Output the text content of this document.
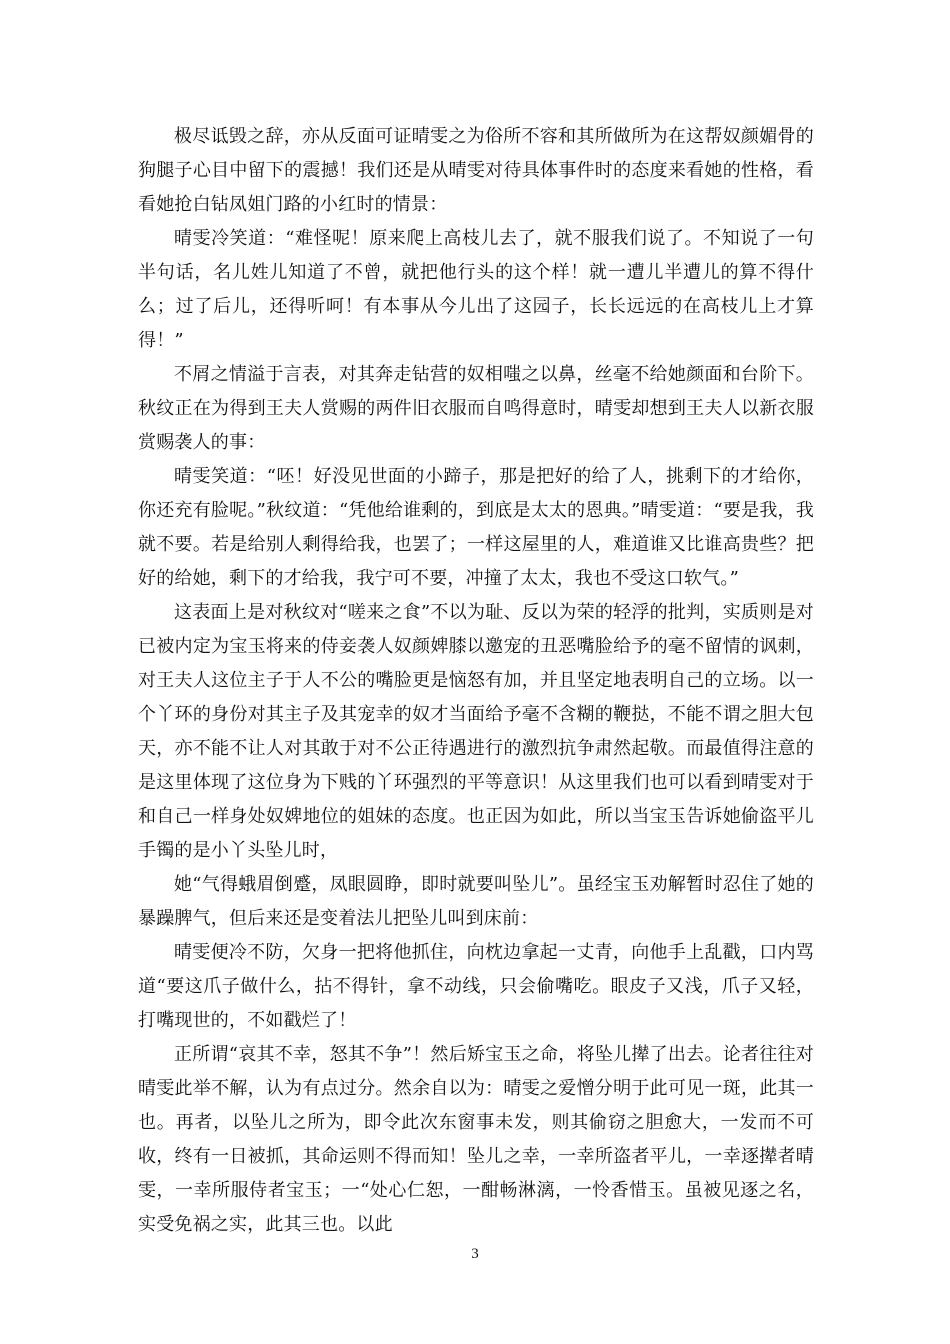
极尽诋毁之辞，亦从反面可证晴雯之为俗所不容和其所做所为在这帮奴颜媚骨的狗腿子心目中留下的震撼！我们还是从晴雯对待具体事件时的态度来看她的性格，看看她抢白钻凤姐门路的小红时的情景：

晴雯冷笑道：“难怪呢！原来爬上高枝儿去了，就不服我们说了。不知说了一句半句话，名儿姓儿知道了不曾，就把他行头的这个样！就一遭儿半遭儿的算不得什么；过了后儿，还得听呵！有本事从今儿出了这园子，长长远远的在高枝儿上才算得！”

不屑之情溢于言表，对其奔走钻营的奴相嗤之以鼻，丝毫不给她颜面和台阶下。秋纹正在为得到王夫人赏赐的两件旧衣服而自鸣得意时，晴雯却想到王夫人以新衣服赏赐袭人的事：

晴雯笑道：“呸！好没见世面的小蹄子，那是把好的给了人，挑剩下的才给你，你还充有脸呢。”秋纹道：“凭他给谁剩的，到底是太太的恩典。”晴雯道：“要是我，我就不要。若是给别人剩得给我，也罢了；一样这屋里的人，难道谁又比谁高贵些？把好的给她，剩下的才给我，我宁可不要，冲撞了太太，我也不受这口软气。”

这表面上是对秋纹对“嗟来之食”不以为耻、反以为荣的轻浮的批判，实质则是对已被内定为宝玉将来的侍妾袭人奴颜婢膝以邀宠的丑恶嘴脸给予的毫不留情的讽刺，对王夫人这位主子于人不公的嘴脸更是恼怒有加，并且坚定地表明自己的立场。以一个丫环的身份对其主子及其宠幸的奴才当面给予毫不含糊的鞭挞，不能不谓之胆大包天，亦不能不让人对其敢于对不公正待遇进行的激烈抗争肃然起敬。而最值得注意的是这里体现了这位身为下贱的丫环强烈的平等意识！从这里我们也可以看到晴雯对于和自己一样身处奴婢地位的姐妹的态度。也正因为如此，所以当宝玉告诉她偷盗平儿手镯的是小丫头坠儿时，

她“气得蛾眉倒蹙，凤眼圆睁，即时就要叫坠儿”。虽经宝玉劝解暂时忍住了她的暴躁脾气，但后来还是变着法儿把坠儿叫到床前：

晴雯便冷不防，欠身一把将他抓住，向枕边拿起一丈青，向他手上乱戳，口内骂道“要这爪子做什么，拈不得针，拿不动线，只会偷嘴吃。眼皮子又浅，爪子又轻，打嘴现世的，不如戳烂了！

正所谓“哀其不幸，怒其不争”！然后矫宝玉之命，将坠儿撵了出去。论者往往对晴雯此举不解，认为有点过分。然余自以为：晴雯之爱憎分明于此可见一斑，此其一也。再者，以坠儿之所为，即令此次东窗事未发，则其偷窃之胆愈大，一发而不可收，终有一日被抓，其命运则不得而知！坠儿之幸，一幸所盗者平儿，一幸逐撵者晴雯，一幸所服侍者宝玉；一“处心仁恕，一酣畅淋漓，一怜香惜玉。虽被见逐之名，实受免祸之实，此其三也。以此

3
